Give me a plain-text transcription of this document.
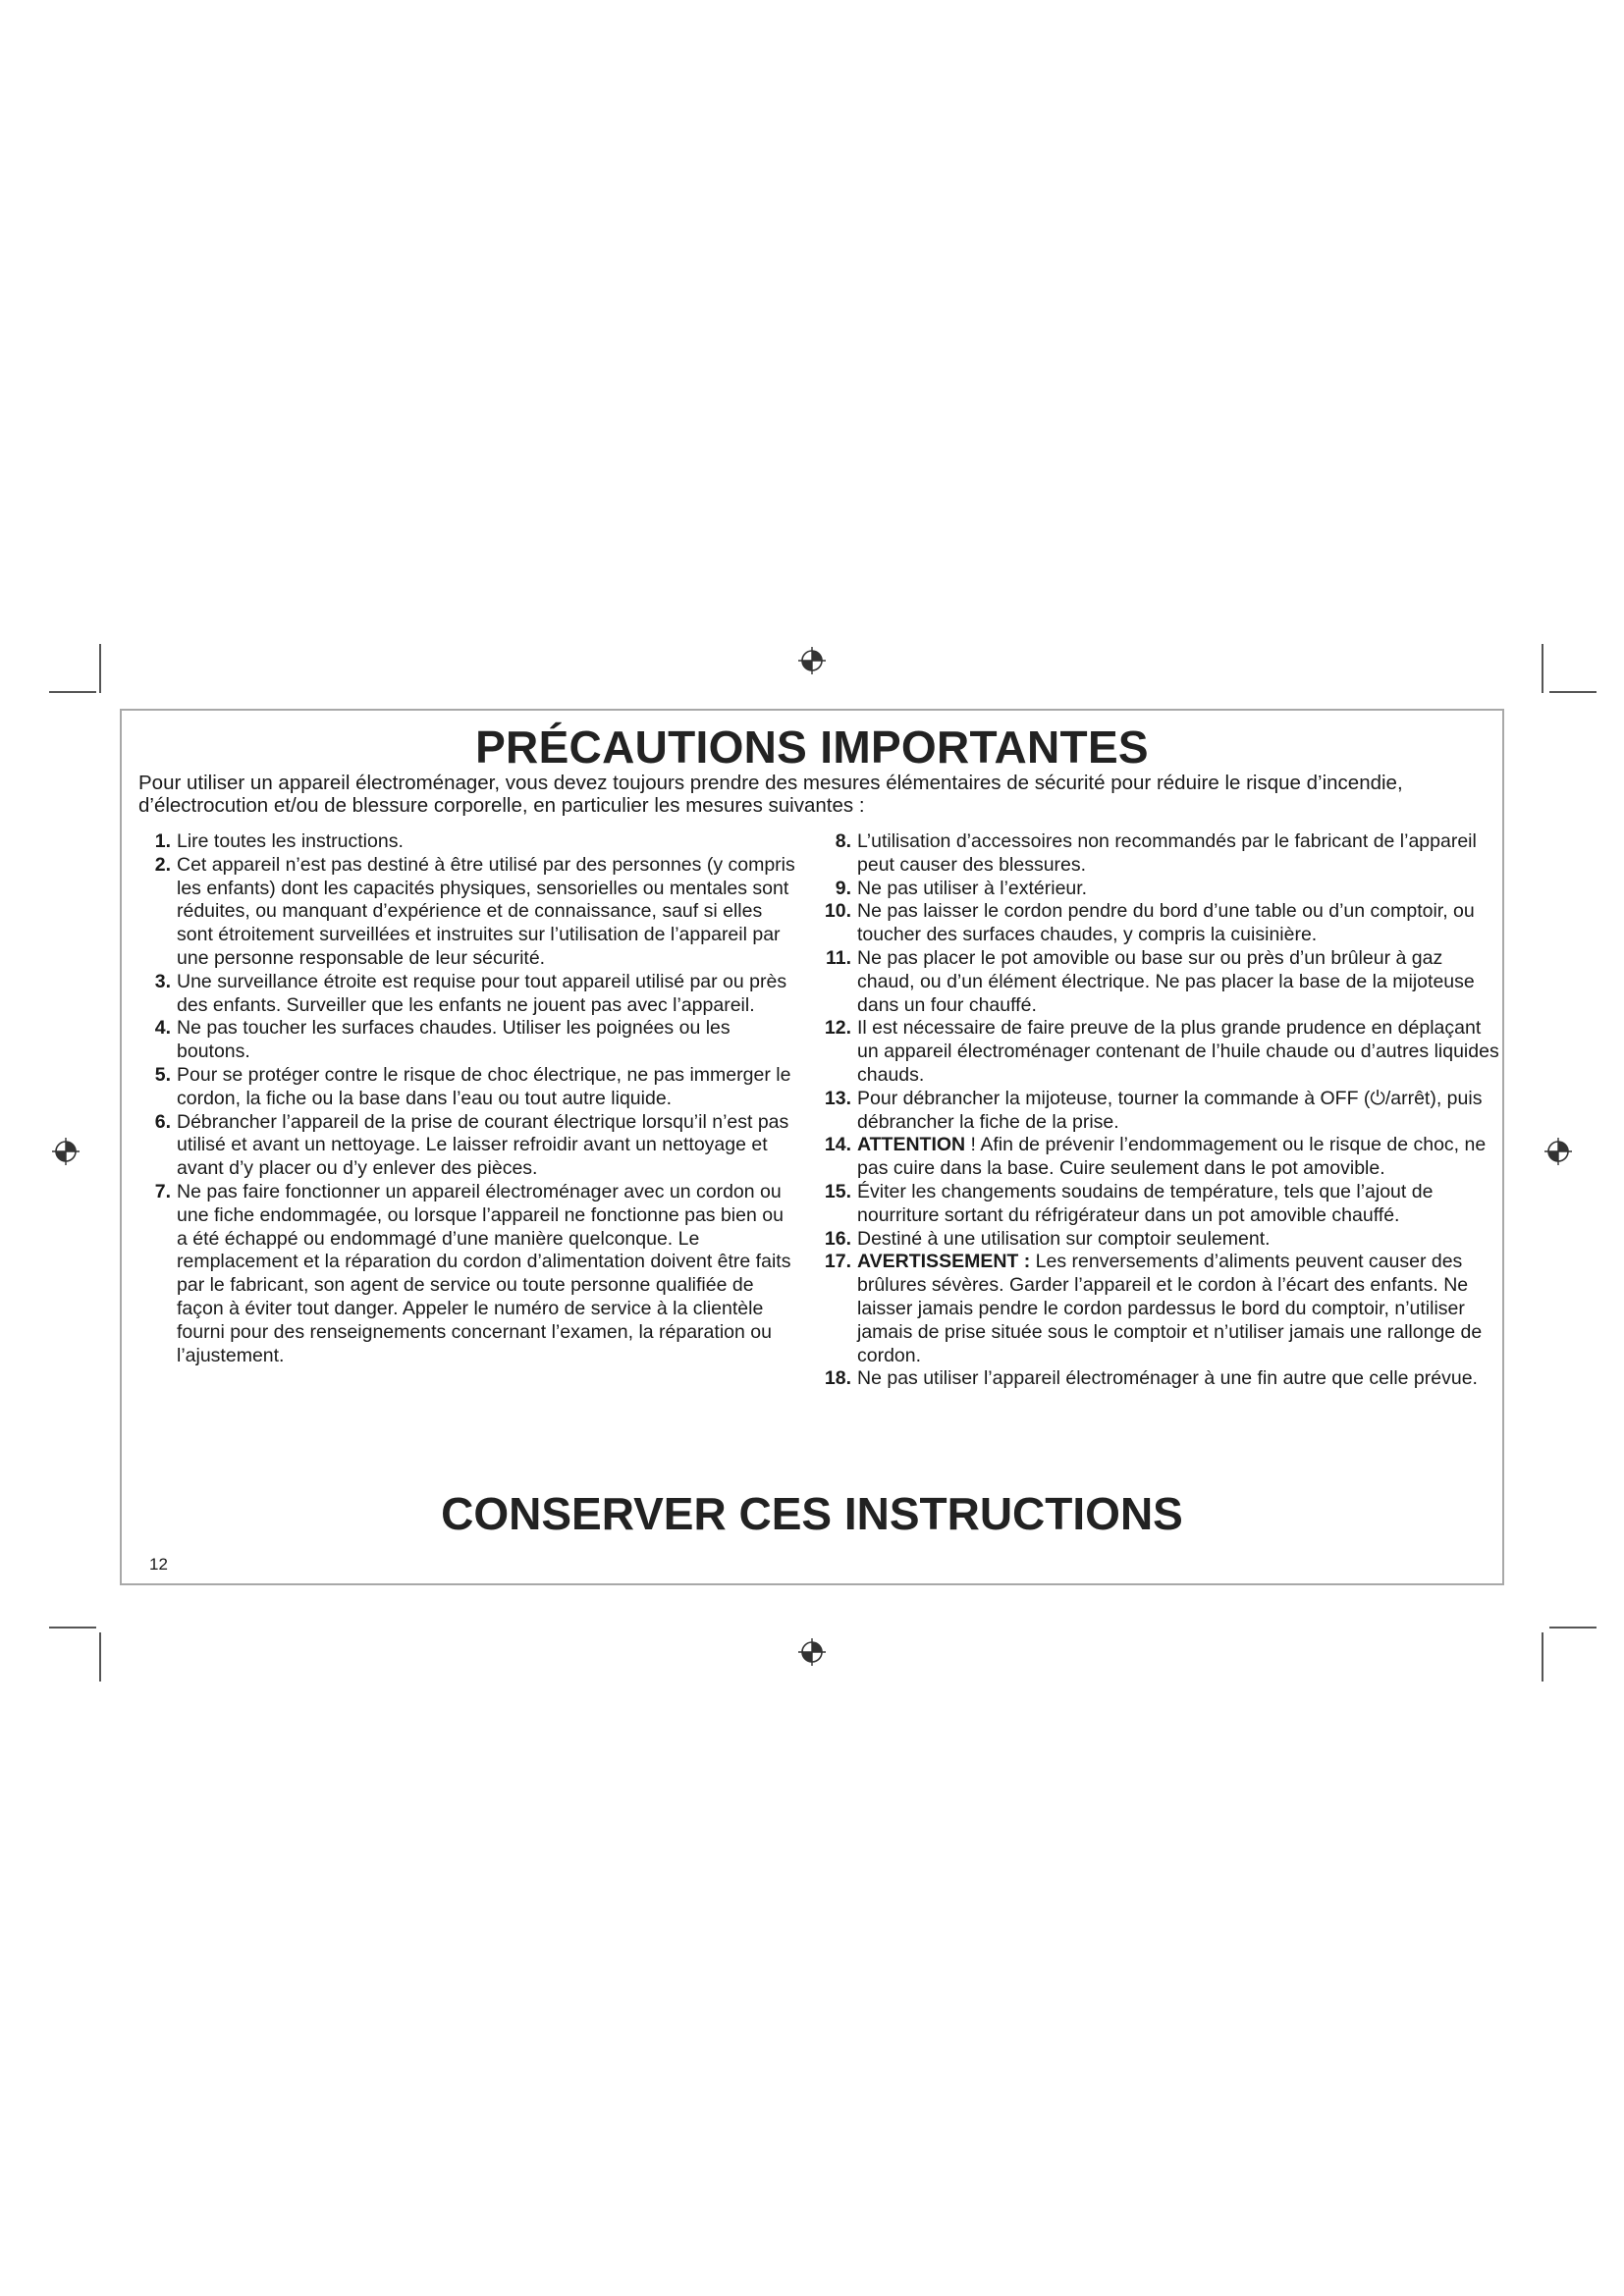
PRÉCAUTIONS IMPORTANTES

Pour utiliser un appareil électroménager, vous devez toujours prendre des mesures élémentaires de sécurité pour réduire le risque d’incendie, d’électrocution et/ou de blessure corporelle, en particulier les mesures suivantes :

1. Lire toutes les instructions.
2. Cet appareil n’est pas destiné à être utilisé par des personnes (y compris les enfants) dont les capacités physiques, sensorielles ou mentales sont réduites, ou manquant d’expérience et de connaissance, sauf si elles sont étroitement surveillées et instruites sur l’utilisation de l’appareil par une personne responsable de leur sécurité.
3. Une surveillance étroite est requise pour tout appareil utilisé par ou près des enfants. Surveiller que les enfants ne jouent pas avec l’appareil.
4. Ne pas toucher les surfaces chaudes. Utiliser les poignées ou les boutons.
5. Pour se protéger contre le risque de choc électrique, ne pas immerger le cordon, la fiche ou la base dans l’eau ou tout autre liquide.
6. Débrancher l’appareil de la prise de courant électrique lorsqu’il n’est pas utilisé et avant un nettoyage. Le laisser refroidir avant un nettoyage et avant d’y placer ou d’y enlever des pièces.
7. Ne pas faire fonctionner un appareil électroménager avec un cordon ou une fiche endommagée, ou lorsque l’appareil ne fonctionne pas bien ou a été échappé ou endommagé d’une manière quelconque. Le remplacement et la réparation du cordon d’alimentation doivent être faits par le fabricant, son agent de service ou toute personne qualifiée de façon à éviter tout danger. Appeler le numéro de service à la clientèle fourni pour des renseignements concernant l’examen, la réparation ou l’ajustement.
8. L’utilisation d’accessoires non recommandés par le fabricant de l’appareil peut causer des blessures.
9. Ne pas utiliser à l’extérieur.
10. Ne pas laisser le cordon pendre du bord d’une table ou d’un comptoir, ou toucher des surfaces chaudes, y compris la cuisinière.
11. Ne pas placer le pot amovible ou base sur ou près d’un brûleur à gaz chaud, ou d’un élément électrique. Ne pas placer la base de la mijoteuse dans un four chauffé.
12. Il est nécessaire de faire preuve de la plus grande prudence en déplaçant un appareil électroménager contenant de l’huile chaude ou d’autres liquides chauds.
13. Pour débrancher la mijoteuse, tourner la commande à OFF (⏻/arrêt), puis débrancher la fiche de la prise.
14. ATTENTION ! Afin de prévenir l’endommagement ou le risque de choc, ne pas cuire dans la base. Cuire seulement dans le pot amovible.
15. Éviter les changements soudains de température, tels que l’ajout de nourriture sortant du réfrigérateur dans un pot amovible chauffé.
16. Destiné à une utilisation sur comptoir seulement.
17. AVERTISSEMENT : Les renversements d’aliments peuvent causer des brûlures sévères. Garder l’appareil et le cordon à l’écart des enfants. Ne laisser jamais pendre le cordon pardessus le bord du comptoir, n’utiliser jamais de prise située sous le comptoir et n’utiliser jamais une rallonge de cordon.
18. Ne pas utiliser l’appareil électroménager à une fin autre que celle prévue.
CONSERVER CES INSTRUCTIONS

12
